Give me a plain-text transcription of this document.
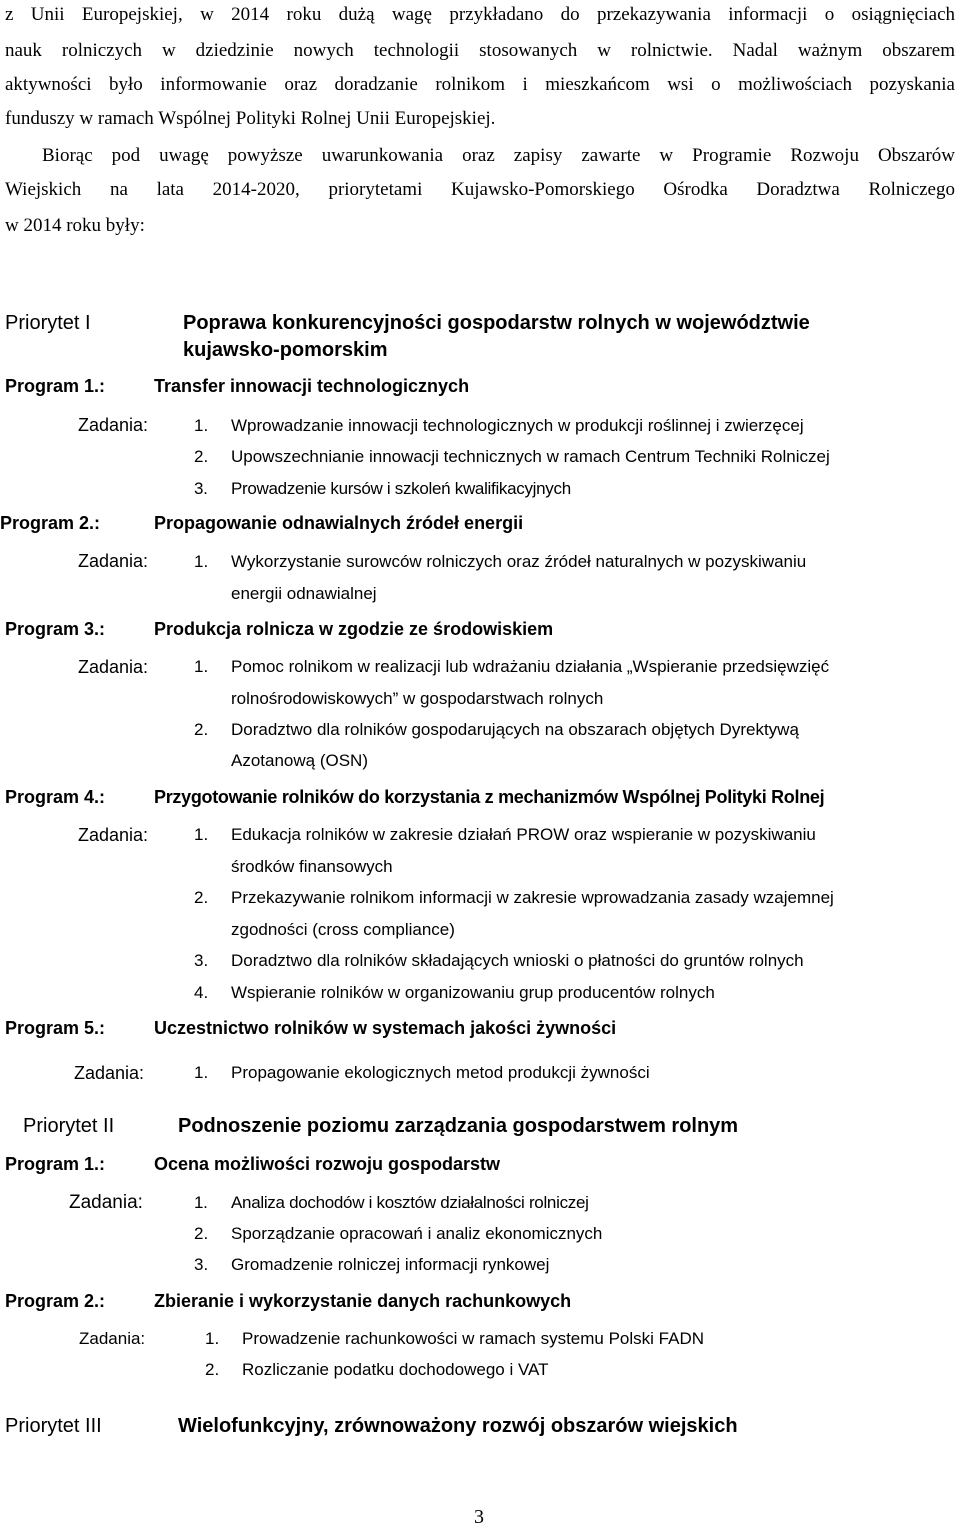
z Unii Europejskiej, w 2014 roku dużą wagę przykładano do przekazywania informacji o osiągnięciach
nauk rolniczych w dziedzinie nowych technologii stosowanych w rolnictwie. Nadal ważnym obszarem
aktywności było informowanie oraz doradzanie rolnikom i mieszkańcom wsi o możliwościach pozyskania
funduszy w ramach Wspólnej Polityki Rolnej Unii Europejskiej.
Biorąc pod uwagę powyższe uwarunkowania oraz zapisy zawarte w Programie Rozwoju Obszarów
Wiejskich na lata 2014-2020, priorytetami Kujawsko-Pomorskiego Ośrodka Doradztwa Rolniczego
w 2014 roku były:
Priorytet I	Poprawa konkurencyjności gospodarstw rolnych w województwie
kujawsko-pomorskim
Program 1.:	Transfer innowacji technologicznych
Zadania:	1. Wprowadzanie innowacji technologicznych w produkcji roślinnej i zwierzęcej
2. Upowszechnianie innowacji technicznych w ramach Centrum Techniki Rolniczej
3. Prowadzenie kursów i szkoleń kwalifikacyjnych
Program 2.:	Propagowanie odnawialnych źródeł energii
Zadania:	1. Wykorzystanie surowców rolniczych oraz źródeł naturalnych w pozyskiwaniu
energii odnawialnej
Program 3.:	Produkcja rolnicza w zgodzie ze środowiskiem
Zadania:	1. Pomoc rolnikom w realizacji lub wdrażaniu działania „Wspieranie przedsięwzięć
rolnośrodowiskowych” w gospodarstwach rolnych
2. Doradztwo dla rolników gospodarujących na obszarach objętych Dyrektywą
Azotanową (OSN)
Program 4.:	Przygotowanie rolników do korzystania z mechanizmów Wspólnej Polityki Rolnej
Zadania:	1. Edukacja rolników w zakresie działań PROW oraz wspieranie w pozyskiwaniu
środków finansowych
2. Przekazywanie rolnikom informacji w zakresie wprowadzania zasady wzajemnej
zgodności (cross compliance)
3. Doradztwo dla rolników składających wnioski o płatności do gruntów rolnych
4. Wspieranie rolników w organizowaniu grup producentów rolnych
Program 5.:	Uczestnictwo rolników w systemach jakości żywności
Zadania:	1. Propagowanie ekologicznych metod produkcji żywności
Priorytet II	Podnoszenie poziomu zarządzania gospodarstwem rolnym
Program 1.:	Ocena możliwości rozwoju gospodarstw
Zadania:	1. Analiza dochodów i kosztów działalności rolniczej
2. Sporządzanie opracowań i analiz ekonomicznych
3. Gromadzenie rolniczej informacji rynkowej
Program 2.:	Zbieranie i wykorzystanie danych rachunkowych
Zadania:	1. Prowadzenie rachunkowości w ramach systemu Polski FADN
2. Rozliczanie podatku dochodowego i VAT
Priorytet III	Wielofunkcyjny, zrównoważony rozwój obszarów wiejskich
3
